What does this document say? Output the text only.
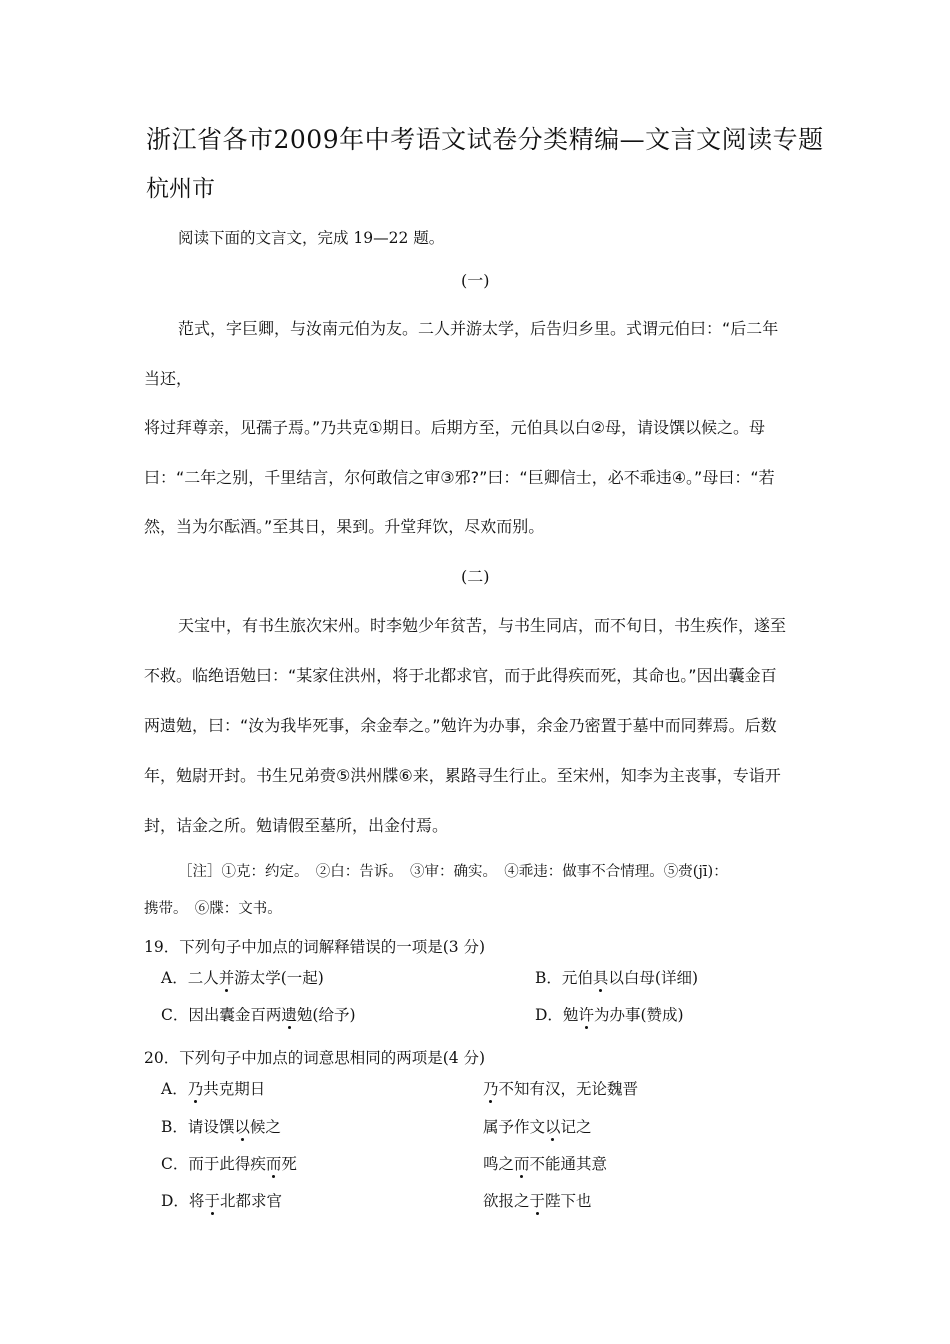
浙江省各市2009年中考语文试卷分类精编—文言文阅读专题
杭州市
阅读下面的文言文，完成 19—22 题。
(一)
范式，字巨卿，与汝南元伯为友。二人并游太学，后告归乡里。式谓元伯曰：“后二年
当还，
将过拜尊亲，见孺子焉。”乃共克①期日。后期方至，元伯具以白②母，请设馔以候之。母
曰：“二年之别，千里结言，尔何敢信之审③邪?”曰：“巨卿信士，必不乖违④。”母曰：“若
然，当为尔酝酒。”至其日，果到。升堂拜饮，尽欢而别。
(二)
天宝中，有书生旅次宋州。时李勉少年贫苦，与书生同店，而不旬日，书生疾作，遂至
不救。临绝语勉曰：“某家住洪州，将于北都求官，而于此得疾而死，其命也。”因出囊金百
两遗勉，曰：“汝为我毕死事，余金奉之。”勉许为办事，余金乃密置于墓中而同葬焉。后数
年，勉尉开封。书生兄弟赍⑤洪州牒⑥来，累路寻生行止。至宋州，知李为主丧事，专诣开
封，诘金之所。勉请假至墓所，出金付焉。
［注］①克：约定。　②白：告诉。　③审：确实。　④乖违：做事不合情理。⑤赍(jī)：
携带。　⑥牒：文书。
19．下列句子中加点的词解释错误的一项是(3 分)
A．二人并游太学(一起)	B．元伯具以白母(详细)
C．因出囊金百两遗勉(给予)	D．勉许为办事(赞成)
20．下列句子中加点的词意思相同的两项是(4 分)
A．乃共克期日	乃不知有汉，无论魏晋
B．请设馔以候之	属予作文以记之
C．而于此得疾而死	鸣之而不能通其意
D．将于北都求官	欲报之于陛下也
